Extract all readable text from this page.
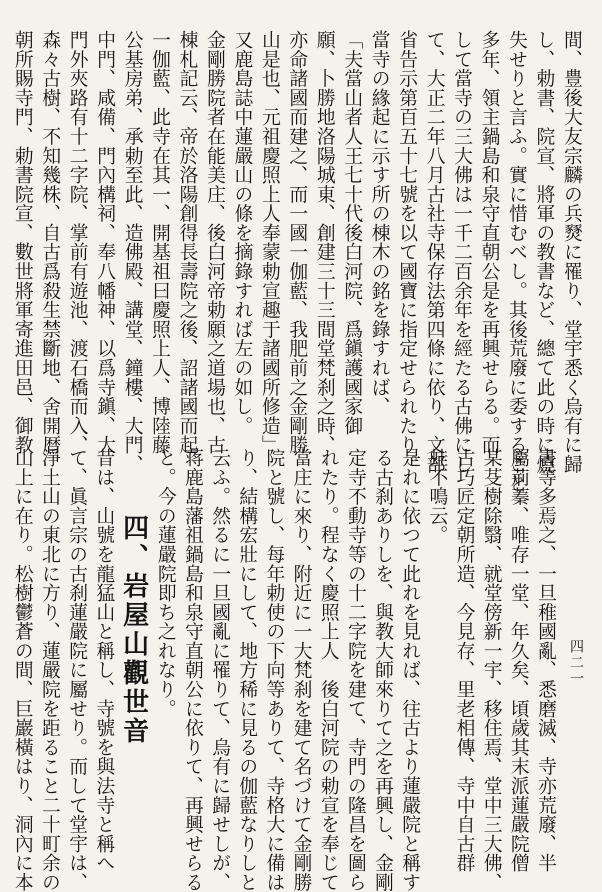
間、豊後大友宗麟の兵燹に罹り、堂宇悉く烏有に歸
し、勅書、院宣、將軍の教書など、總て此の時に燒
失せりと言ふ。實に惜むべし。其後荒廢に委すること
多年、領主鍋島和泉守直朝公是を再興せらる。而
して當寺の三大佛は一千二百余年を經たる古佛にし
て、大正二年八月古社寺保存法第四條に依り、文部
省告示第百五十七號を以て國寶に指定せられたり。
當寺の緣起に示す所の棟木の銘を錄すれば、
「夫當山者人王七十代後白河院、爲鎭護國家御
願、卜勝地洛陽城東、創建三十三間堂梵刹之時、
亦命諸國而建之、而一國一伽藍、我肥前之金剛勝
山是也、元祖慶照上人奉蒙勅宣趣于諸國所修造」
又鹿島誌中蓮嚴山の條を摘錄すれば左の如し。
金剛勝院者在能美庄、後白河帝勅願之道場也、古
棟札記云、帝於洛陽創得長壽院之後、詔諸國而起
一伽藍、此寺在其一、開基祖曰慶照上人、博陸藤
公基房弟、承勅至此、造佛殿、講堂、鐘樓、大門、
中門、咸備、門內構祠、奉八幡神、以爲寺鎭、大
門外夾路有十二字院、掌前有遊池、渡石橋而入、
森々古樹、不知幾株、自古爲殺生禁斷地、舍開暦
朝所賜寺門、勅書院宣、數世將軍寄進田邑、御教
書等多焉之、一旦稚國亂、悉磨滅、寺亦荒廢、半
屬荊蓁、唯存一堂、年久矣、頃歲其末派蓮嚴院僧
某芟樹除翳、就堂傍新一宇、移住焉、堂中三大佛、
古巧匠定朝所造、今見存、里老相傳、寺中自古群
蛙不鳴云。
是れに依つて此れを見れば、往古より蓮嚴院と稱す
る古刹ありしを、與教大師來りて之を再興し、金剛
定寺不動寺等の十二字院を建て、寺門の隆昌を圖ら
れたり。程なく慶照上人　後白河院の勅宣を奉じて
當庄に來り、附近に一大梵刹を建て名づけて金剛勝
院と號し、每年勅使の下向等ありて、寺格大に備は
り、結構宏壯にして、地方稀に見るの伽藍なりしと
云ふ。然るに一旦國亂に罹りて、烏有に歸せしが、
蒋鹿島藩祖鍋島和泉守直朝公に依りて、再興せらる
と。今の蓮嚴院即ち之れなり。
四、岩屋山觀世音
昔は、山號を龍猛山と稱し、寺號を與法寺と稱へ
て、眞言宗の古刹蓮嚴院に屬せり。而して堂宇は、
淨土山の東北に方り、蓮嚴院を距ること二十町余の
山上に在り。松樹鬱蒼の間、巨巖橫はり、洞內に本	四二一
